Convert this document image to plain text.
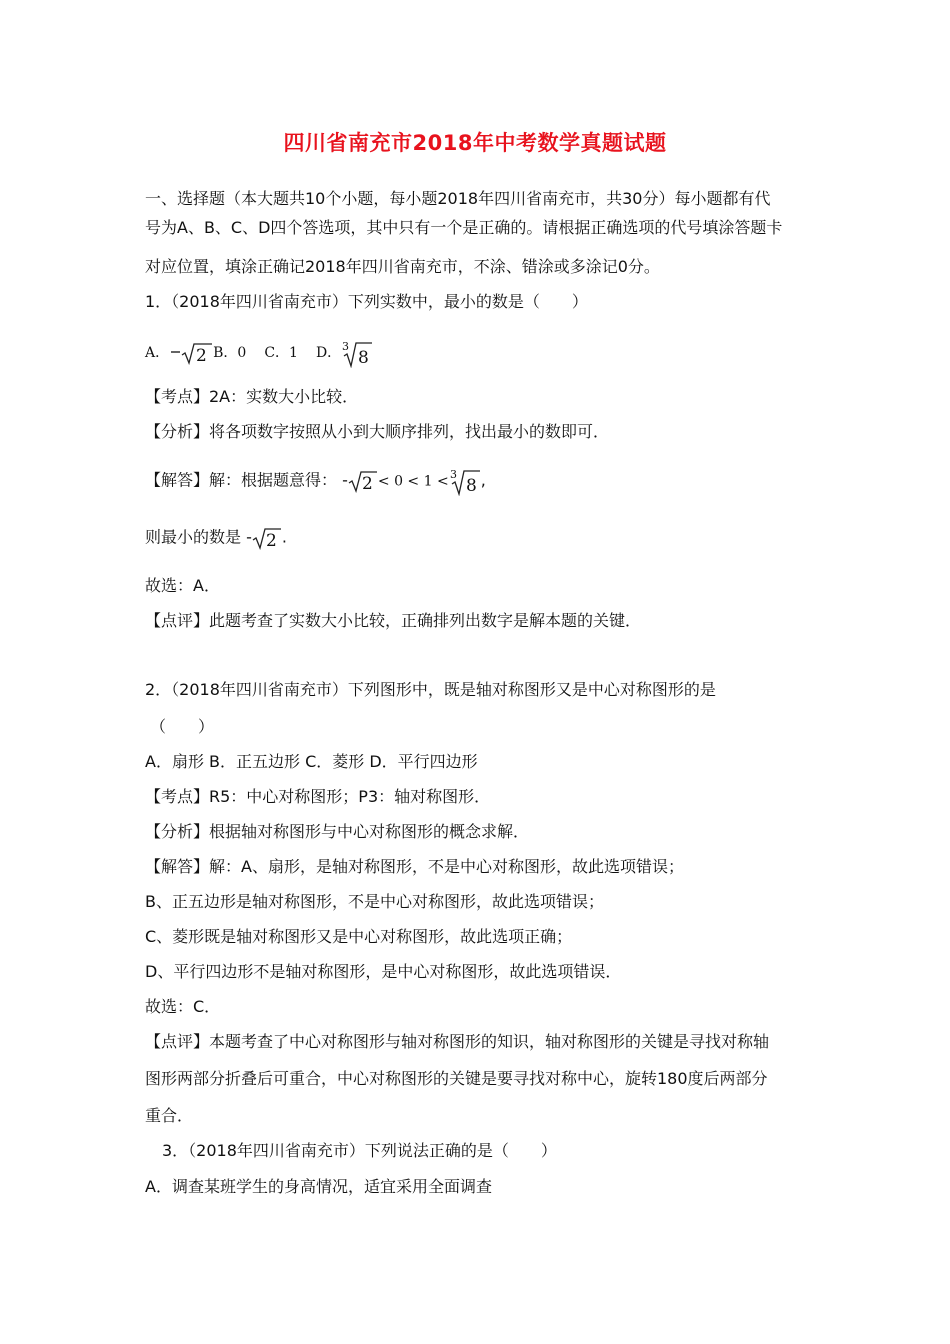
四川省南充市2018年中考数学真题试题
一、选择题（本大题共10个小题，每小题2018年四川省南充市，共30分）每小题都有代
号为A、B、C、D四个答选项，其中只有一个是正确的。请根据正确选项的代号填涂答题卡
对应位置，填涂正确记2018年四川省南充市，不涂、错涂或多涂记0分。
1．（2018年四川省南充市）下列实数中，最小的数是（　　）
A． 2 B．0 C．1 D． 3
8
【考点】2A：实数大小比较．
【分析】将各项数字按照从小到大顺序排列，找出最小的数即可．
【解答】解：根据题意得： - 2 < 0 < 1 < 3
8 ,
则最小的数是 - 2 .
故选：A．
【点评】此题考查了实数大小比较，正确排列出数字是解本题的关键．
2．（2018年四川省南充市）下列图形中，既是轴对称图形又是中心对称图形的是
（　　）
A．扇形 B．正五边形 C．菱形 D．平行四边形
【考点】R5：中心对称图形；P3：轴对称图形．
【分析】根据轴对称图形与中心对称图形的概念求解．
【解答】解：A、扇形，是轴对称图形，不是中心对称图形，故此选项错误；
B、正五边形是轴对称图形，不是中心对称图形，故此选项错误；
C、菱形既是轴对称图形又是中心对称图形，故此选项正确；
D、平行四边形不是轴对称图形，是中心对称图形，故此选项错误．
故选：C．
【点评】本题考查了中心对称图形与轴对称图形的知识，轴对称图形的关键是寻找对称轴
图形两部分折叠后可重合，中心对称图形的关键是要寻找对称中心，旋转180度后两部分
重合．
3．（2018年四川省南充市）下列说法正确的是（　　）
A．调查某班学生的身高情况，适宜采用全面调查
